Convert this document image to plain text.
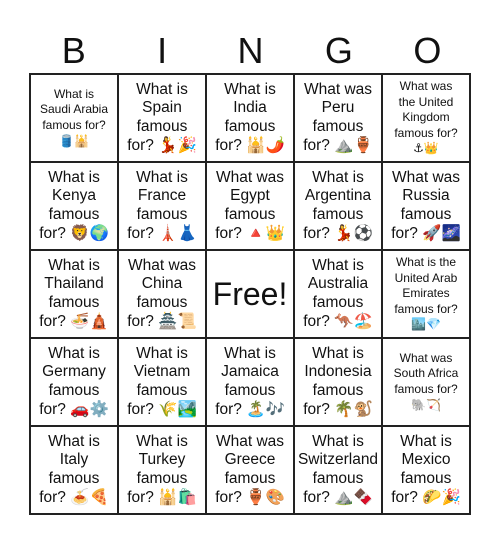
B	I	N	G	O
What is
Saudi Arabia
famous for?
🛢️🕌
What is
Spain
famous
for? 💃🎉
What is
India
famous
for? 🕌🌶️
What was
Peru
famous
for? ⛰️🏺
What was
the United
Kingdom
famous for?
⚓👑
What is
Kenya
famous
for? 🦁🌍
What is
France
famous
for? 🗼👗
What was
Egypt
famous
for? 🔺👑
What is
Argentina
famous
for? 💃⚽
What was
Russia
famous
for? 🚀🌌
What is
Thailand
famous
for? 🍜🛕
What was
China
famous
for? 🏯📜
Free!
What is
Australia
famous
for? 🦘🏖️
What is the
United Arab
Emirates
famous for?
🏙️💎
What is
Germany
famous
for? 🚗⚙️
What is
Vietnam
famous
for? 🌾🏞️
What is
Jamaica
famous
for? 🏝️🎶
What is
Indonesia
famous
for? 🌴🐒
What was
South Africa
famous for?
🐘🏹
What is
Italy
famous
for? 🍝🍕
What is
Turkey
famous
for? 🕌🛍️
What was
Greece
famous
for? 🏺🎨
What is
Switzerland
famous
for? ⛰️🍫
What is
Mexico
famous
for? 🌮🎉
